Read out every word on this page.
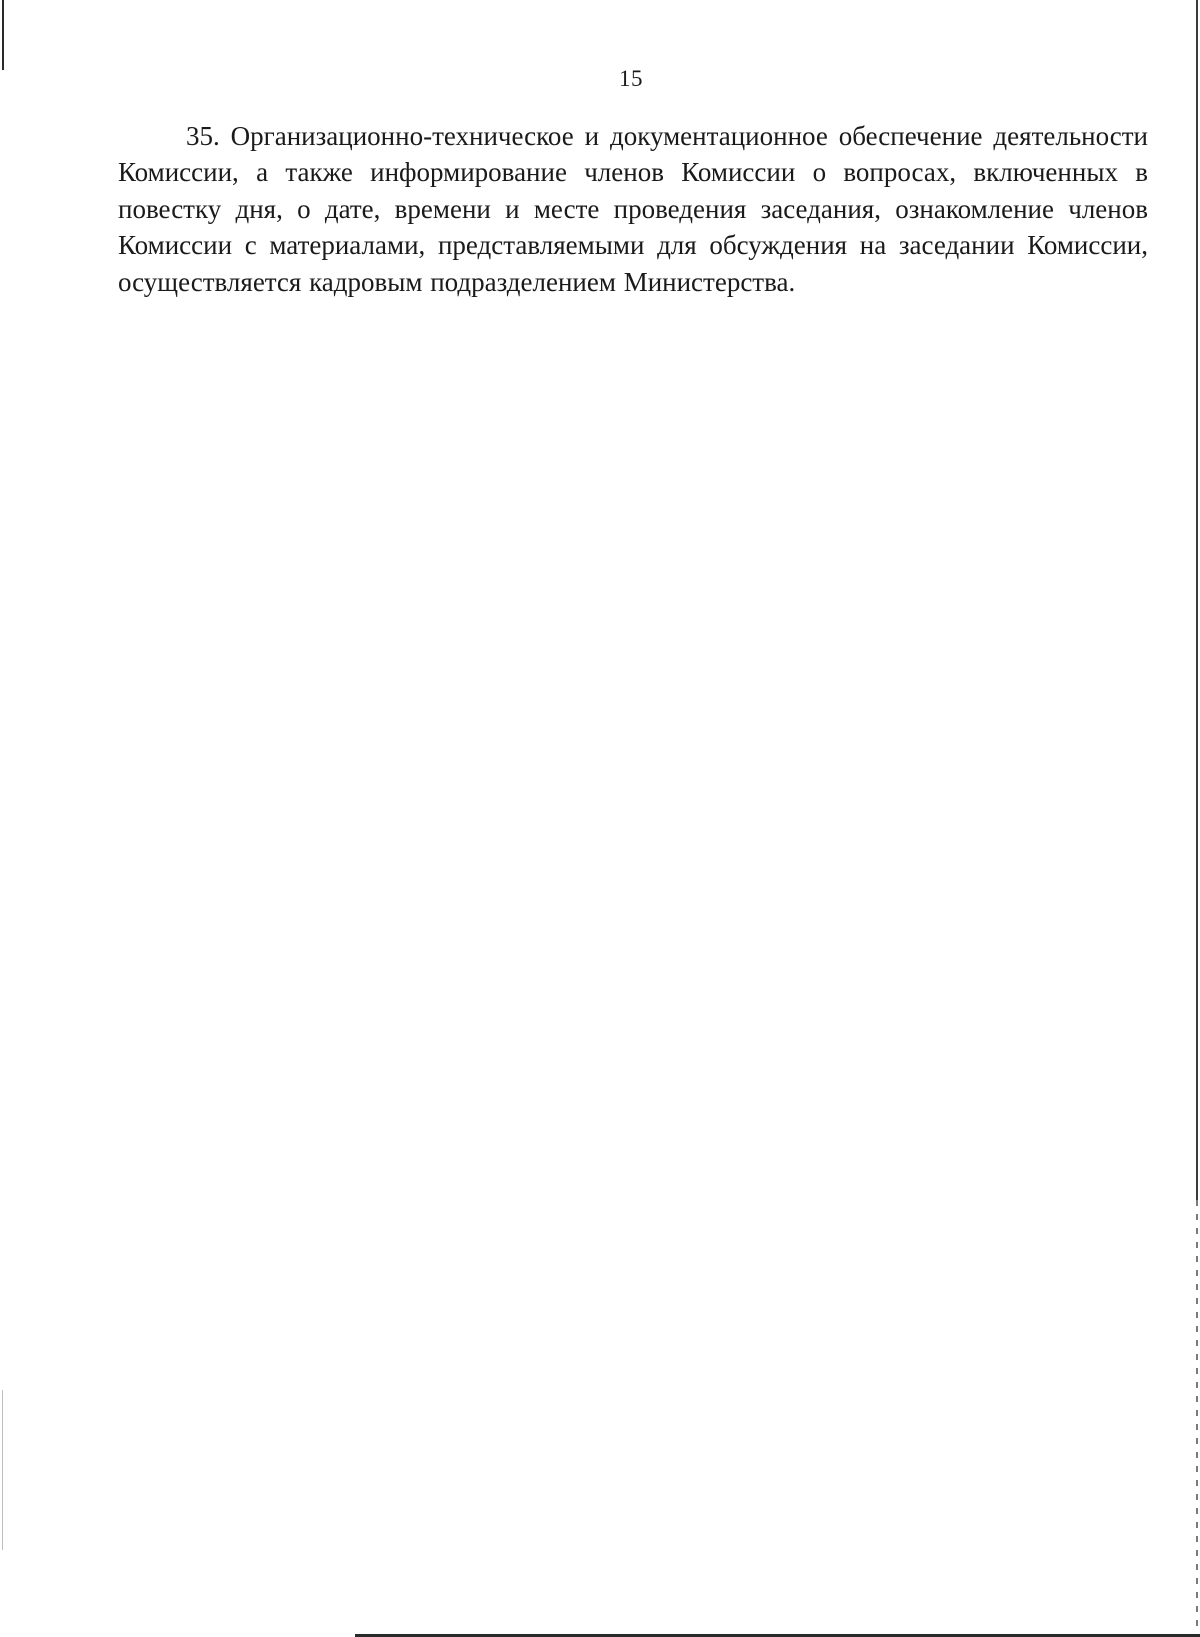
15

35. Организационно-техническое и документационное обеспечение деятельности Комиссии, а также информирование членов Комиссии о вопросах, включенных в повестку дня, о дате, времени и месте проведения заседания, ознакомление членов Комиссии с материалами, представляемыми для обсуждения на заседании Комиссии, осуществляется кадровым подразделением Министерства.
